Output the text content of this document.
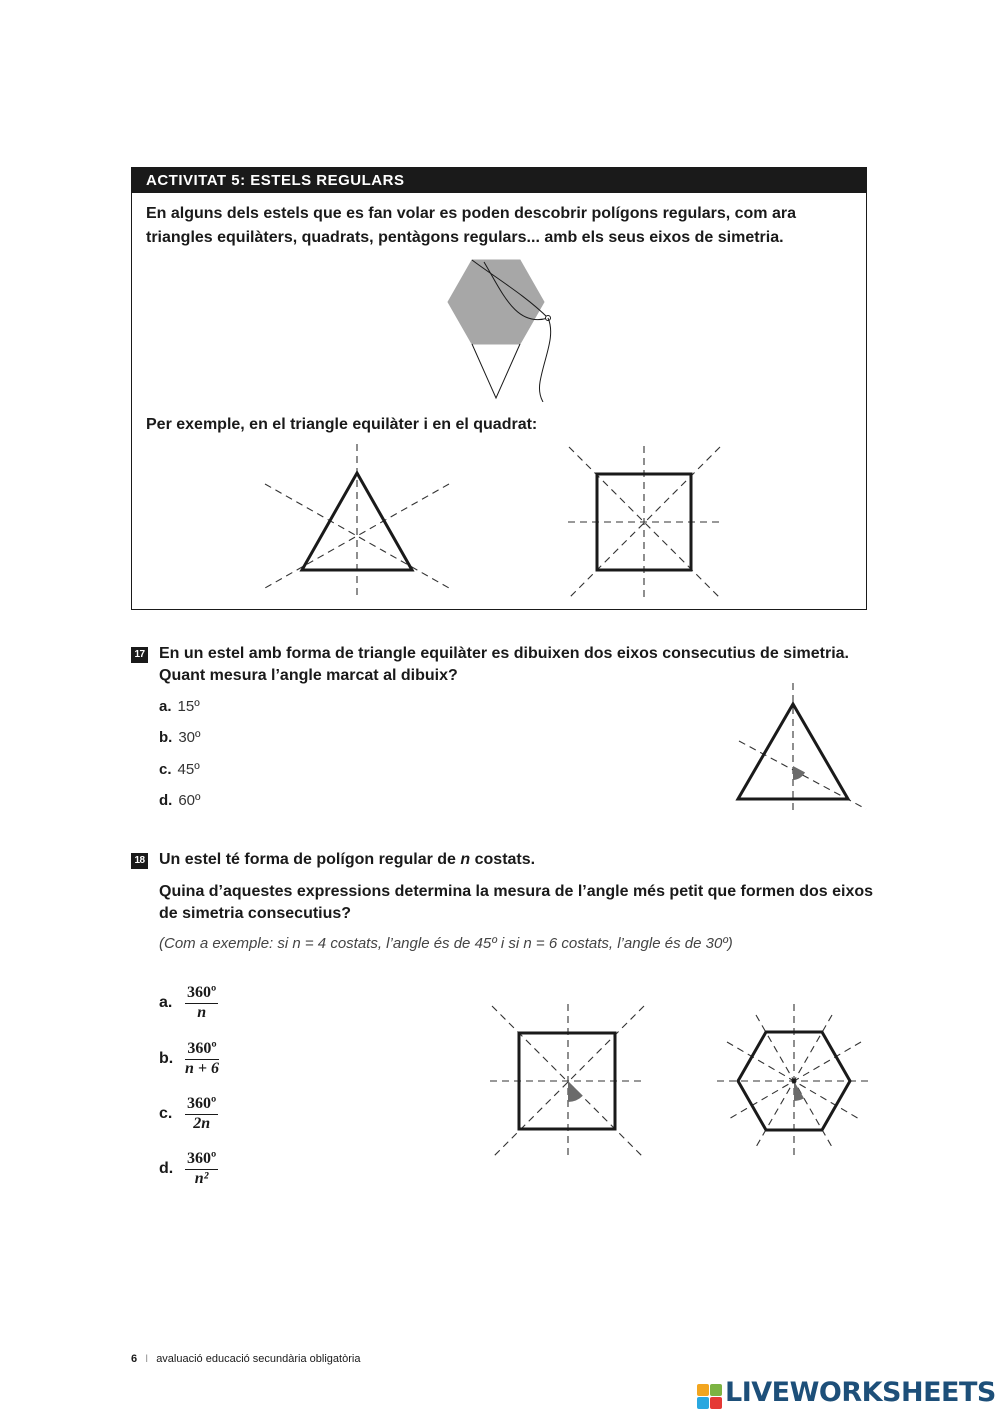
ACTIVITAT 5: ESTELS REGULARS
En alguns dels estels que es fan volar es poden descobrir polígons regulars, com ara triangles equilàters, quadrats, pentàgons regulars... amb els seus eixos de simetria.
Per exemple, en el triangle equilàter i en el quadrat:
17 En un estel amb forma de triangle equilàter es dibuixen dos eixos consecutius de simetria. Quant mesura l’angle marcat al dibuix?
a. 15º
b. 30º
c. 45º
d. 60º
18 Un estel té forma de polígon regular de n costats.
Quina d’aquestes expressions determina la mesura de l’angle més petit que formen dos eixos de simetria consecutius?
(Com a exemple: si n = 4 costats, l’angle és de 45º i si n = 6 costats, l’angle és de 30º)
a. $\frac{\text{360º}}{n}$
b. $\frac{\text{360º}}{n + 6}$
c. $\frac{\text{360º}}{2n}$
d. $\frac{\text{360º}}{\text{n²}}$
6 I avaluació educació secundària obligatòria
LIVEWORKSHEETS
